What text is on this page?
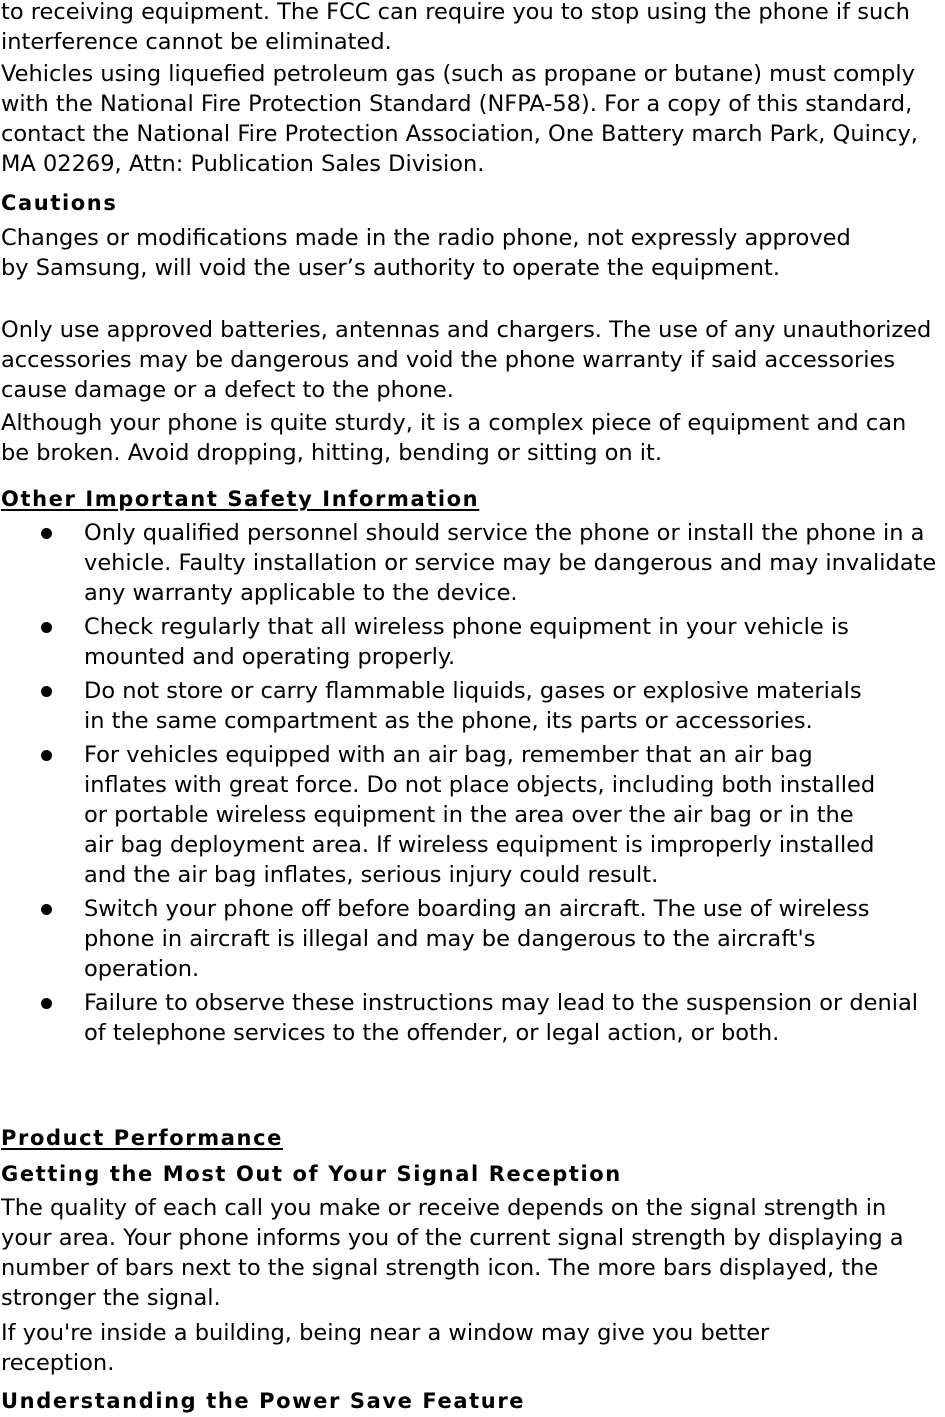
to receiving equipment. The FCC can require you to stop using the phone if such interference cannot be eliminated.

Vehicles using liquefied petroleum gas (such as propane or butane) must comply with the National Fire Protection Standard (NFPA-58). For a copy of this standard, contact the National Fire Protection Association, One Battery march Park, Quincy, MA 02269, Attn: Publication Sales Division.

Cautions

Changes or modifications made in the radio phone, not expressly approved by Samsung, will void the user’s authority to operate the equipment.

Only use approved batteries, antennas and chargers. The use of any unauthorized accessories may be dangerous and void the phone warranty if said accessories cause damage or a defect to the phone.

Although your phone is quite sturdy, it is a complex piece of equipment and can be broken. Avoid dropping, hitting, bending or sitting on it.

Other Important Safety Information

Only qualified personnel should service the phone or install the phone in a vehicle. Faulty installation or service may be dangerous and may invalidate any warranty applicable to the device.
Check regularly that all wireless phone equipment in your vehicle is mounted and operating properly.
Do not store or carry flammable liquids, gases or explosive materials in the same compartment as the phone, its parts or accessories.
For vehicles equipped with an air bag, remember that an air bag inflates with great force. Do not place objects, including both installed or portable wireless equipment in the area over the air bag or in the air bag deployment area. If wireless equipment is improperly installed and the air bag inflates, serious injury could result.
Switch your phone off before boarding an aircraft. The use of wireless phone in aircraft is illegal and may be dangerous to the aircraft's operation.
Failure to observe these instructions may lead to the suspension or denial of telephone services to the offender, or legal action, or both.

Product Performance

Getting the Most Out of Your Signal Reception

The quality of each call you make or receive depends on the signal strength in your area. Your phone informs you of the current signal strength by displaying a number of bars next to the signal strength icon. The more bars displayed, the stronger the signal.

If you're inside a building, being near a window may give you better reception.

Understanding the Power Save Feature
